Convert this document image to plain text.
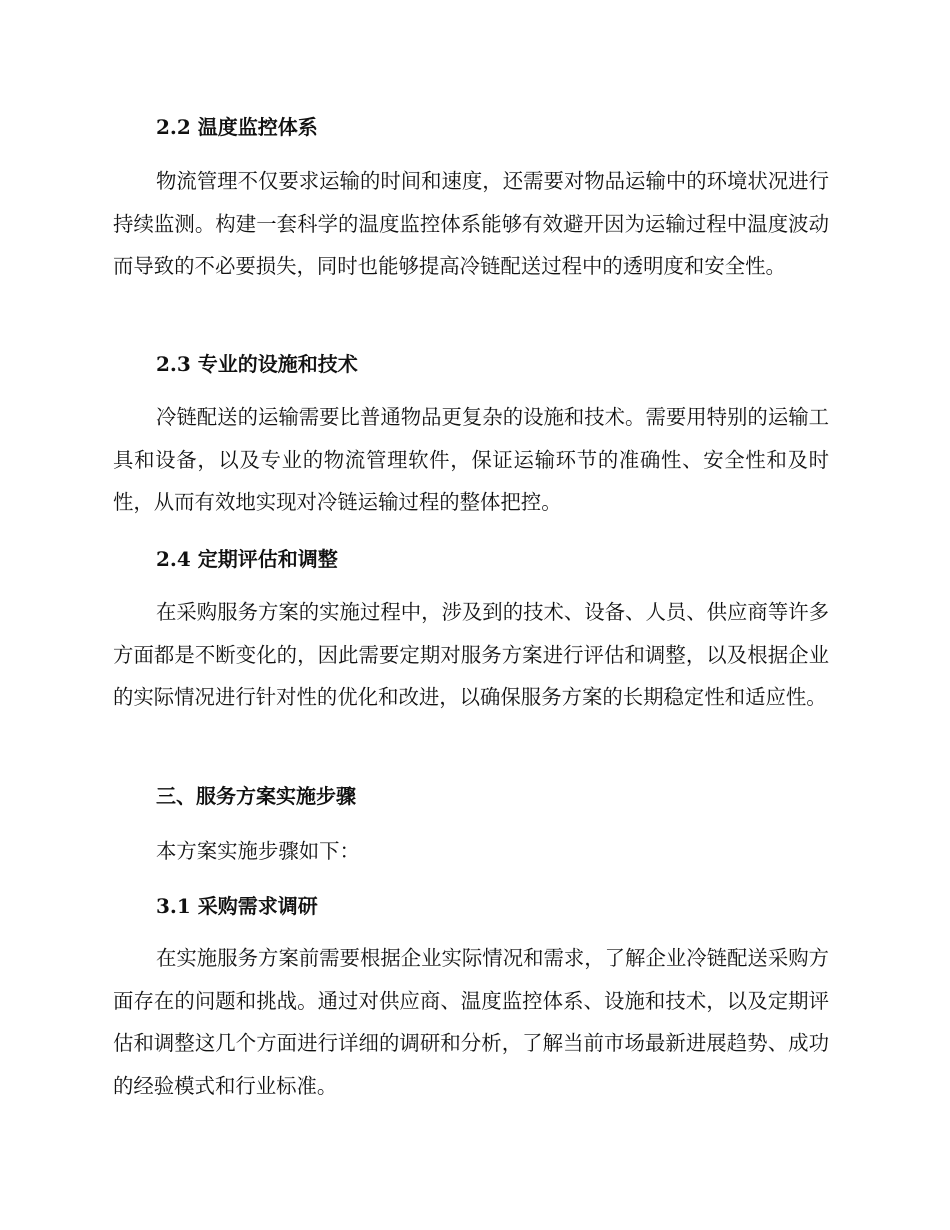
2.2 温度监控体系

物流管理不仅要求运输的时间和速度，还需要对物品运输中的环境状况进行持续监测。构建一套科学的温度监控体系能够有效避开因为运输过程中温度波动而导致的不必要损失，同时也能够提高冷链配送过程中的透明度和安全性。

2.3 专业的设施和技术

冷链配送的运输需要比普通物品更复杂的设施和技术。需要用特别的运输工具和设备，以及专业的物流管理软件，保证运输环节的准确性、安全性和及时性，从而有效地实现对冷链运输过程的整体把控。

2.4 定期评估和调整

在采购服务方案的实施过程中，涉及到的技术、设备、人员、供应商等许多方面都是不断变化的，因此需要定期对服务方案进行评估和调整，以及根据企业的实际情况进行针对性的优化和改进，以确保服务方案的长期稳定性和适应性。

三、服务方案实施步骤
本方案实施步骤如下：
3.1 采购需求调研

在实施服务方案前需要根据企业实际情况和需求，了解企业冷链配送采购方面存在的问题和挑战。通过对供应商、温度监控体系、设施和技术，以及定期评估和调整这几个方面进行详细的调研和分析，了解当前市场最新进展趋势、成功的经验模式和行业标准。
